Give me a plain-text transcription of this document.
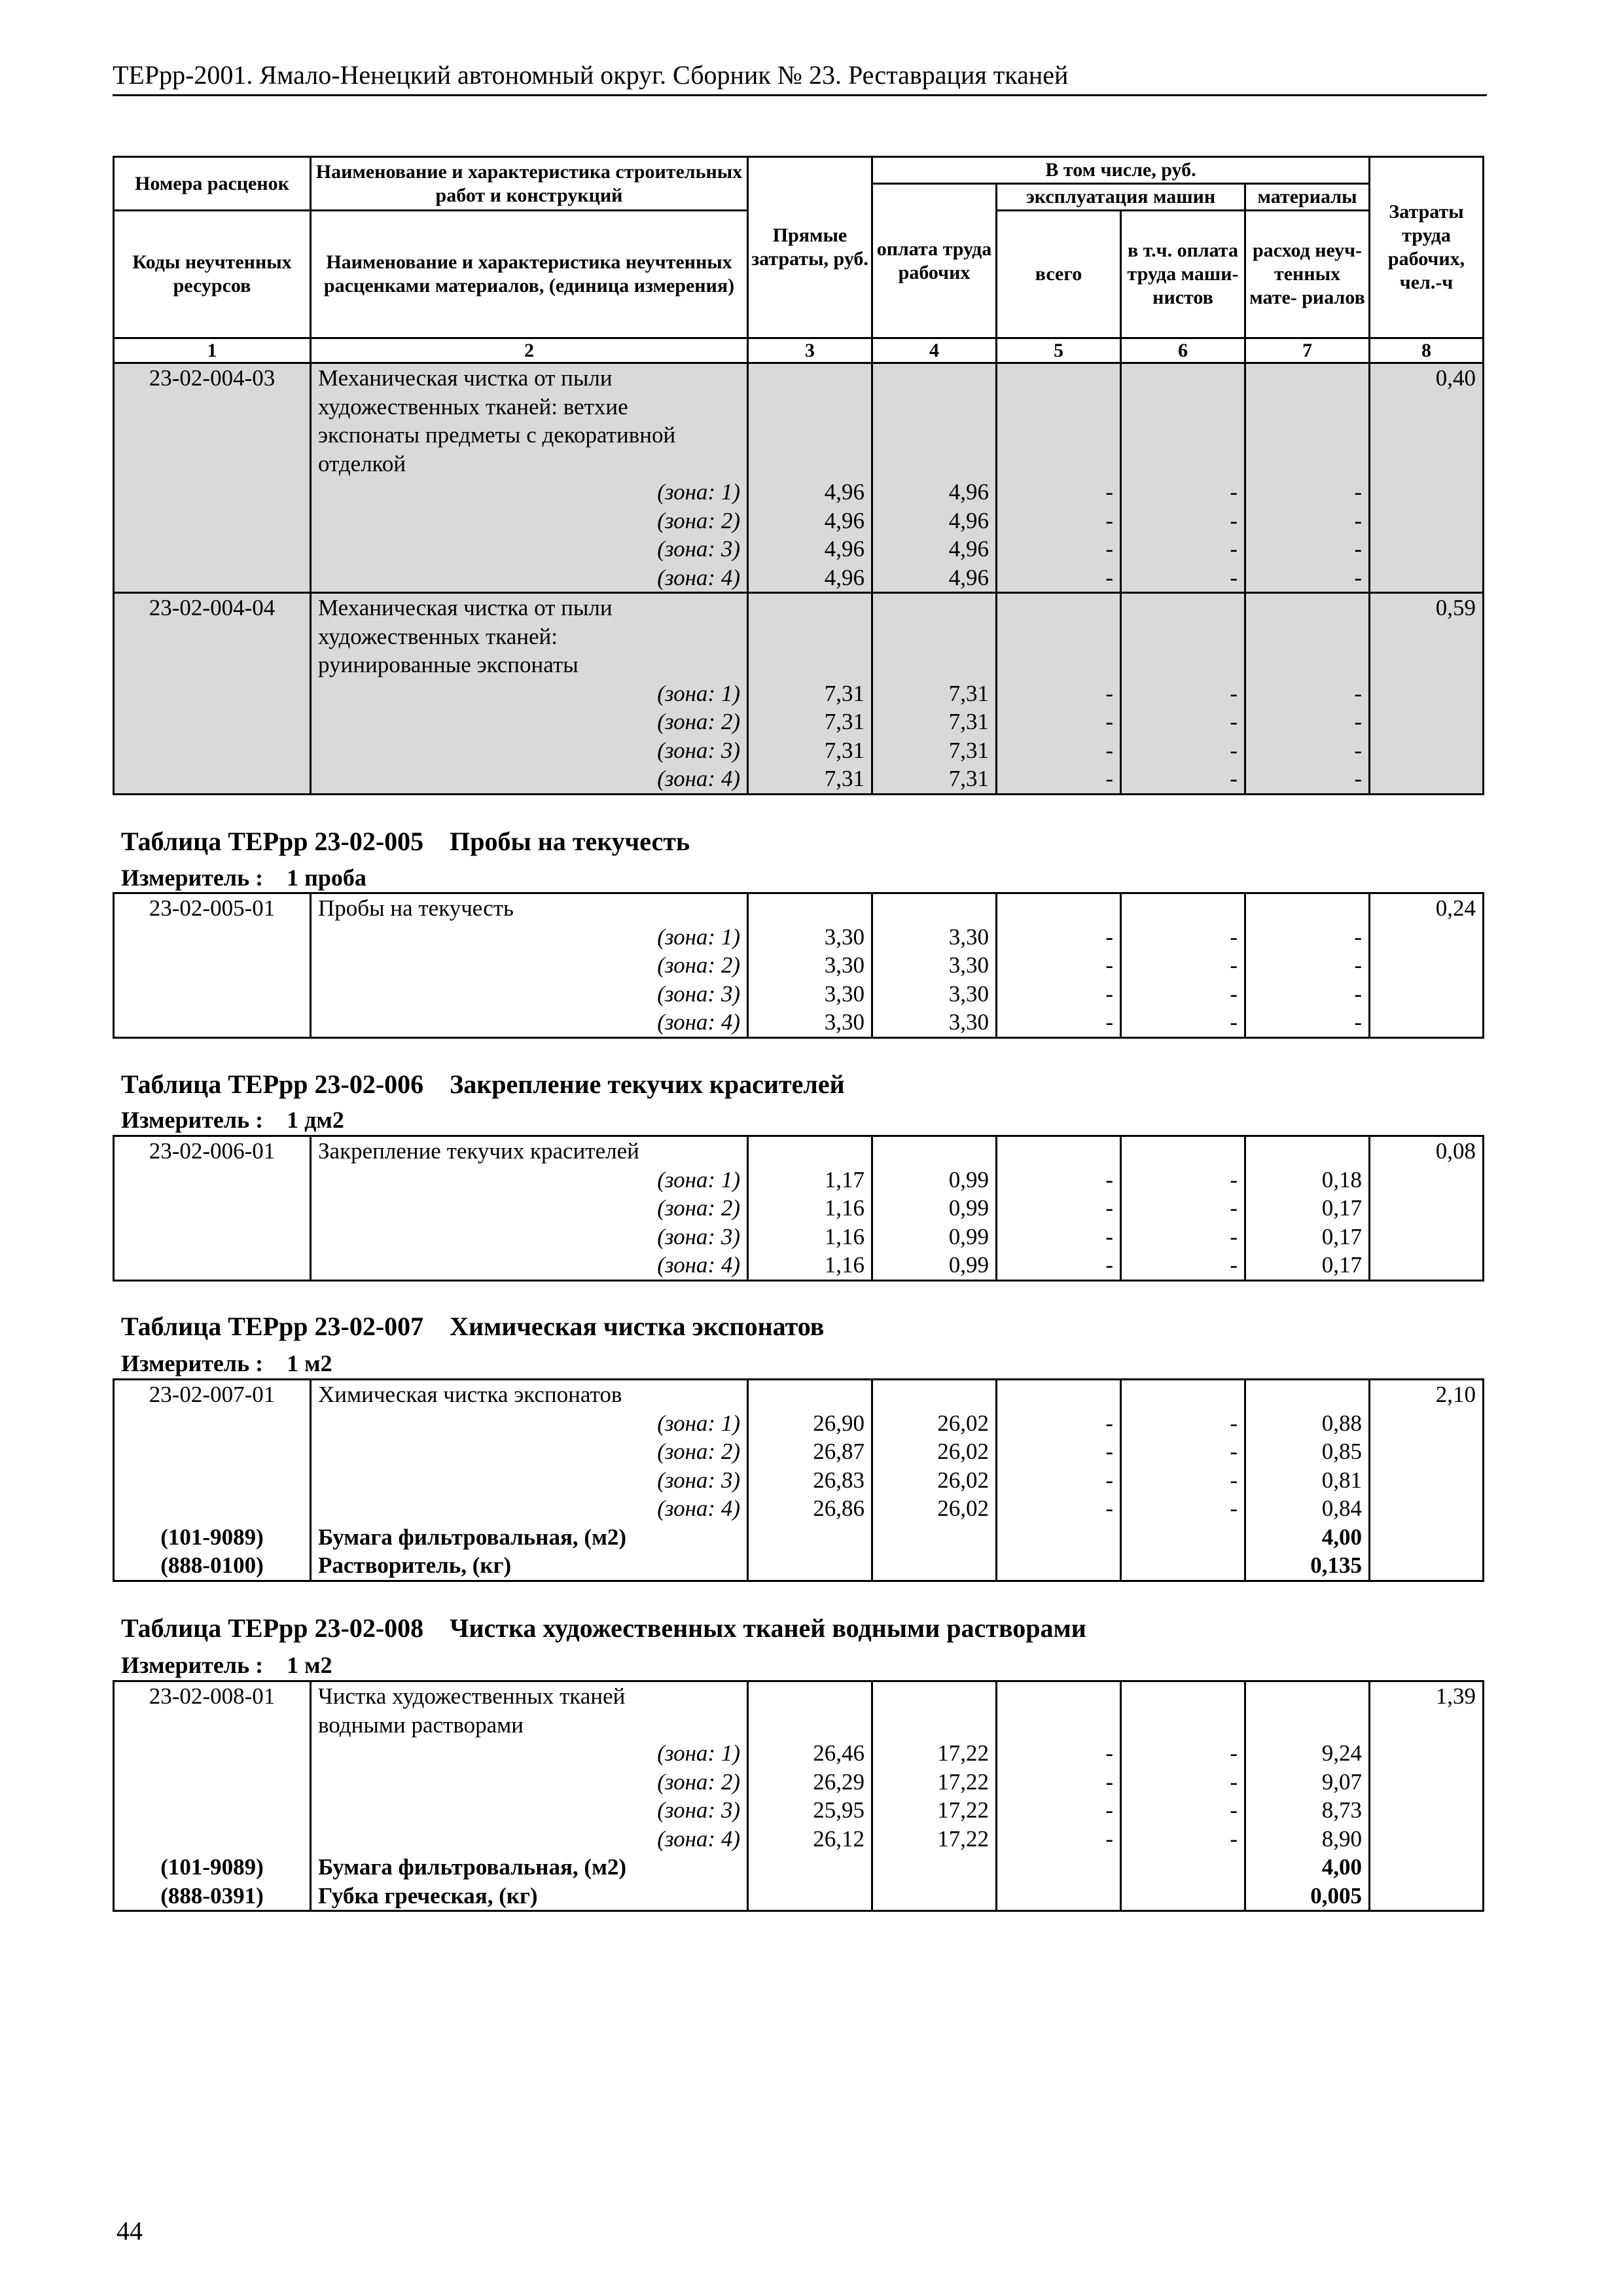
ТЕРрр-2001. Ямало-Ненецкий автономный округ. Сборник № 23. Реставрация тканей
Номера расценок	Наименование и характеристика строительных работ и конструкций	Прямые затраты, руб.	В том числе, руб.				Затраты труда рабочих, чел.-ч
			оплата труда рабочих	эксплуатация машин		материалы	
Коды неучтенных ресурсов	Наименование и характеристика неучтенных расценками материалов, (единица измерения)			всего	в т.ч. оплата труда маши- нистов	расход неуч- тенных мате- риалов	
1	2	3	4	5	6	7	8
23-02-004-03	Механическая чистка от пыли						0,40
	художественных тканей: ветхие						
	экспонаты предметы с декоративной						
	отделкой						
	(зона: 1)	4,96	4,96	-	-	-	
	(зона: 2)	4,96	4,96	-	-	-	
	(зона: 3)	4,96	4,96	-	-	-	
	(зона: 4)	4,96	4,96	-	-	-	
23-02-004-04	Механическая чистка от пыли						0,59
	художественных тканей:						
	руинированные экспонаты						
	(зона: 1)	7,31	7,31	-	-	-	
	(зона: 2)	7,31	7,31	-	-	-	
	(зона: 3)	7,31	7,31	-	-	-	
	(зона: 4)	7,31	7,31	-	-	-	
Таблица ТЕРрр 23-02-005    Пробы на текучесть
Измеритель :    1 проба
23-02-005-01	Пробы на текучесть						0,24
	(зона: 1)	3,30	3,30	-	-	-	
	(зона: 2)	3,30	3,30	-	-	-	
	(зона: 3)	3,30	3,30	-	-	-	
	(зона: 4)	3,30	3,30	-	-	-	
Таблица ТЕРрр 23-02-006    Закрепление текучих красителей
Измеритель :    1 дм2
23-02-006-01	Закрепление текучих красителей						0,08
	(зона: 1)	1,17	0,99	-	-	0,18	
	(зона: 2)	1,16	0,99	-	-	0,17	
	(зона: 3)	1,16	0,99	-	-	0,17	
	(зона: 4)	1,16	0,99	-	-	0,17	
Таблица ТЕРрр 23-02-007    Химическая чистка экспонатов
Измеритель :    1 м2
23-02-007-01	Химическая чистка экспонатов						2,10
	(зона: 1)	26,90	26,02	-	-	0,88	
	(зона: 2)	26,87	26,02	-	-	0,85	
	(зона: 3)	26,83	26,02	-	-	0,81	
	(зона: 4)	26,86	26,02	-	-	0,84	
(101-9089)	Бумага фильтровальная, (м2)					4,00	
(888-0100)	Растворитель, (кг)					0,135	
Таблица ТЕРрр 23-02-008    Чистка художественных тканей водными растворами
Измеритель :    1 м2
23-02-008-01	Чистка художественных тканей						1,39
	водными растворами						
	(зона: 1)	26,46	17,22	-	-	9,24	
	(зона: 2)	26,29	17,22	-	-	9,07	
	(зона: 3)	25,95	17,22	-	-	8,73	
	(зона: 4)	26,12	17,22	-	-	8,90	
(101-9089)	Бумага фильтровальная, (м2)					4,00	
(888-0391)	Губка греческая, (кг)					0,005	
44
